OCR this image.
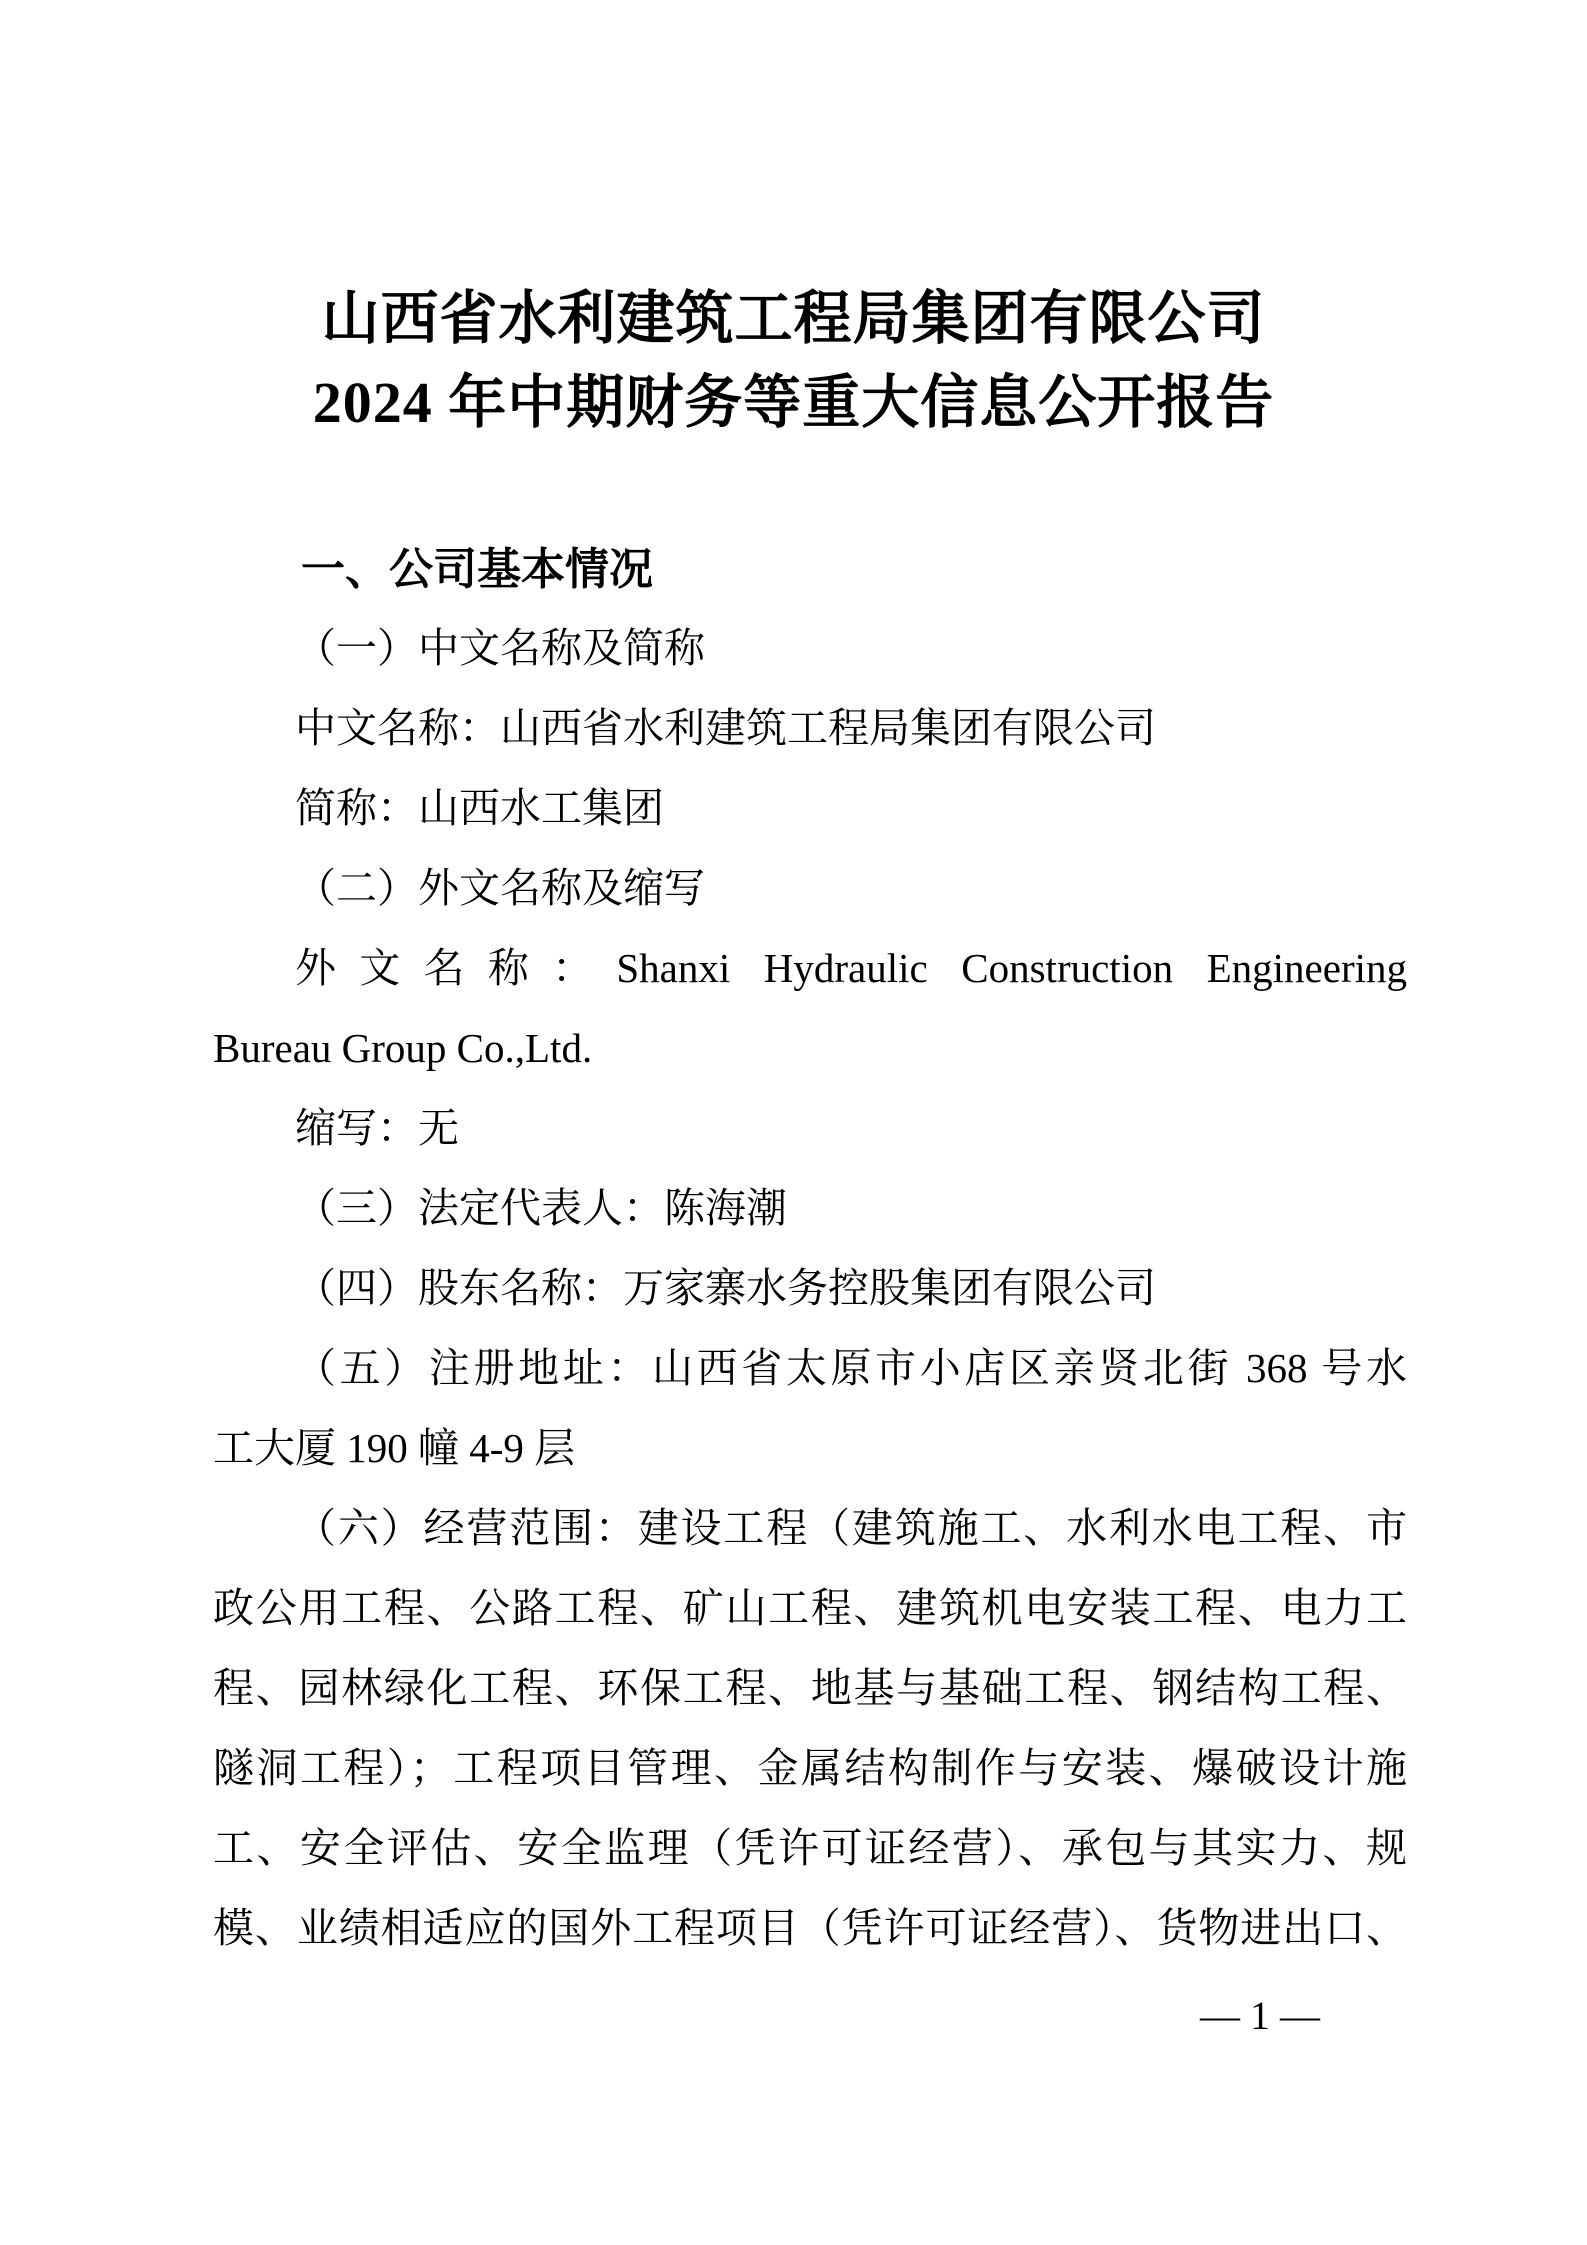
山西省水利建筑工程局集团有限公司
2024 年中期财务等重大信息公开报告
一、公司基本情况
（一）中文名称及简称
中文名称：山西省水利建筑工程局集团有限公司
简称：山西水工集团
（二）外文名称及缩写
外文名称：Shanxi Hydraulic Construction Engineering
Bureau Group Co.,Ltd.
缩写：无
（三）法定代表人：陈海潮
（四）股东名称：万家寨水务控股集团有限公司
（五）注册地址：山西省太原市小店区亲贤北街 368 号水
工大厦 190 幢 4-9 层
（六）经营范围：建设工程（建筑施工、水利水电工程、市
政公用工程、公路工程、矿山工程、建筑机电安装工程、电力工
程、园林绿化工程、环保工程、地基与基础工程、钢结构工程、
隧洞工程）；工程项目管理、金属结构制作与安装、爆破设计施
工、安全评估、安全监理（凭许可证经营）、承包与其实力、规
模、业绩相适应的国外工程项目（凭许可证经营）、货物进出口、
— 1 —
